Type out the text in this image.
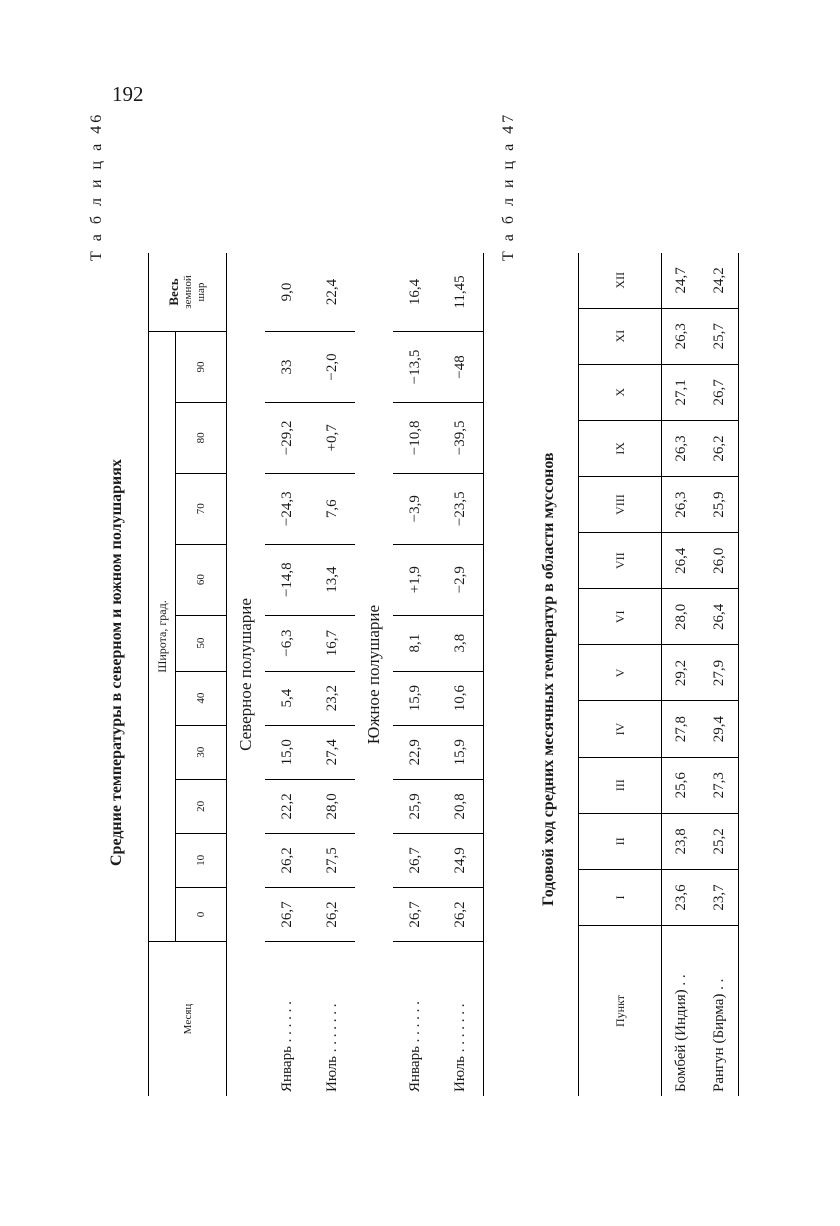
192
Т а б л и ц а 46
Средние температуры в северном и южном полушариях
Месяц	Широта, град.										Весь
земной
шар
	0	10	20	30	40	50	60	70	80	90	
Северное полушарие											
Январь . . . . . .	26,7	26,2	22,2	15,0	5,4	−6,3	−14,8	−24,3	−29,2	33	9,0
Июль . . . . . . .	26,2	27,5	28,0	27,4	23,2	16,7	13,4	7,6	+0,7	−2,0	22,4
Южное полушарие											
Январь . . . . . .	26,7	26,7	25,9	22,9	15,9	8,1	+1,9	−3,9	−10,8	−13,5	16,4
Июль . . . . . . .	26,2	24,9	20,8	15,9	10,6	3,8	−2,9	−23,5	−39,5	−48	11,45
Т а б л и ц а 47
Годовой ход средних месячных температур в области муссонов
Пункт	I	II	III	IV	V	VI	VII	VIII	IX	X	XI	XII
Бомбей (Индия) . .	23,6	23,8	25,6	27,8	29,2	28,0	26,4	26,3	26,3	27,1	26,3	24,7
Рангун (Бирма) . .	23,7	25,2	27,3	29,4	27,9	26,4	26,0	25,9	26,2	26,7	25,7	24,2
